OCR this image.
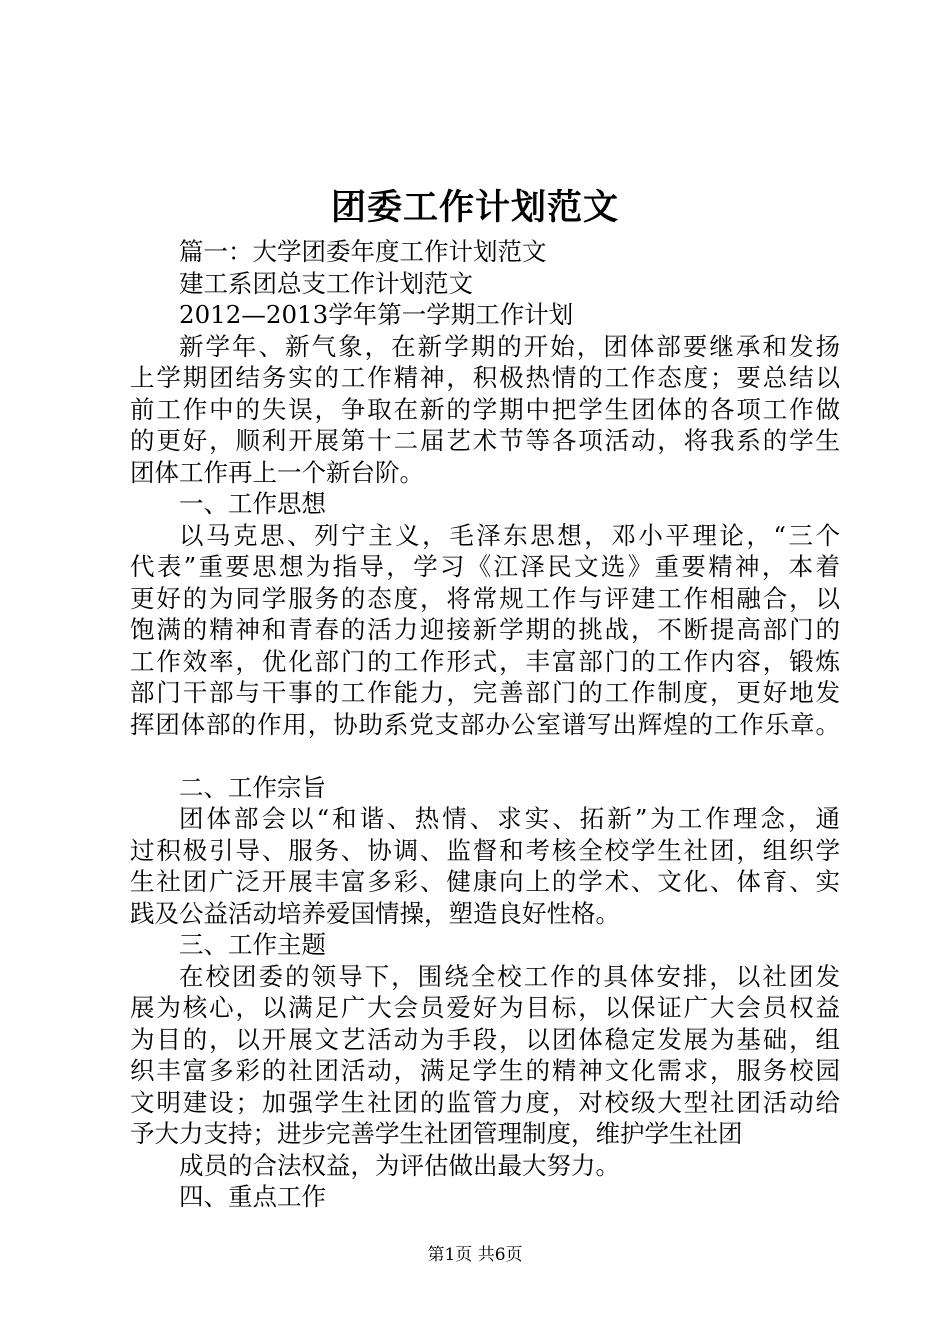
团委工作计划范文
篇一：大学团委年度工作计划范文
建工系团总支工作计划范文
2012—2013学年第一学期工作计划
新学年、新气象，在新学期的开始，团体部要继承和发扬
上学期团结务实的工作精神，积极热情的工作态度；要总结以
前工作中的失误，争取在新的学期中把学生团体的各项工作做
的更好，顺利开展第十二届艺术节等各项活动，将我系的学生
团体工作再上一个新台阶。
一、工作思想
以马克思、列宁主义，毛泽东思想，邓小平理论，“三个
代表”重要思想为指导，学习《江泽民文选》重要精神，本着
更好的为同学服务的态度，将常规工作与评建工作相融合，以
饱满的精神和青春的活力迎接新学期的挑战，不断提高部门的
工作效率，优化部门的工作形式，丰富部门的工作内容，锻炼
部门干部与干事的工作能力，完善部门的工作制度，更好地发
挥团体部的作用，协助系党支部办公室谱写出辉煌的工作乐章。
二、工作宗旨
团体部会以“和谐、热情、求实、拓新”为工作理念，通
过积极引导、服务、协调、监督和考核全校学生社团，组织学
生社团广泛开展丰富多彩、健康向上的学术、文化、体育、实
践及公益活动培养爱国情操，塑造良好性格。
三、工作主题
在校团委的领导下，围绕全校工作的具体安排，以社团发
展为核心，以满足广大会员爱好为目标，以保证广大会员权益
为目的，以开展文艺活动为手段，以团体稳定发展为基础，组
织丰富多彩的社团活动，满足学生的精神文化需求，服务校园
文明建设；加强学生社团的监管力度，对校级大型社团活动给
予大力支持；进步完善学生社团管理制度，维护学生社团
成员的合法权益，为评估做出最大努力。
四、重点工作
第1页 共6页
